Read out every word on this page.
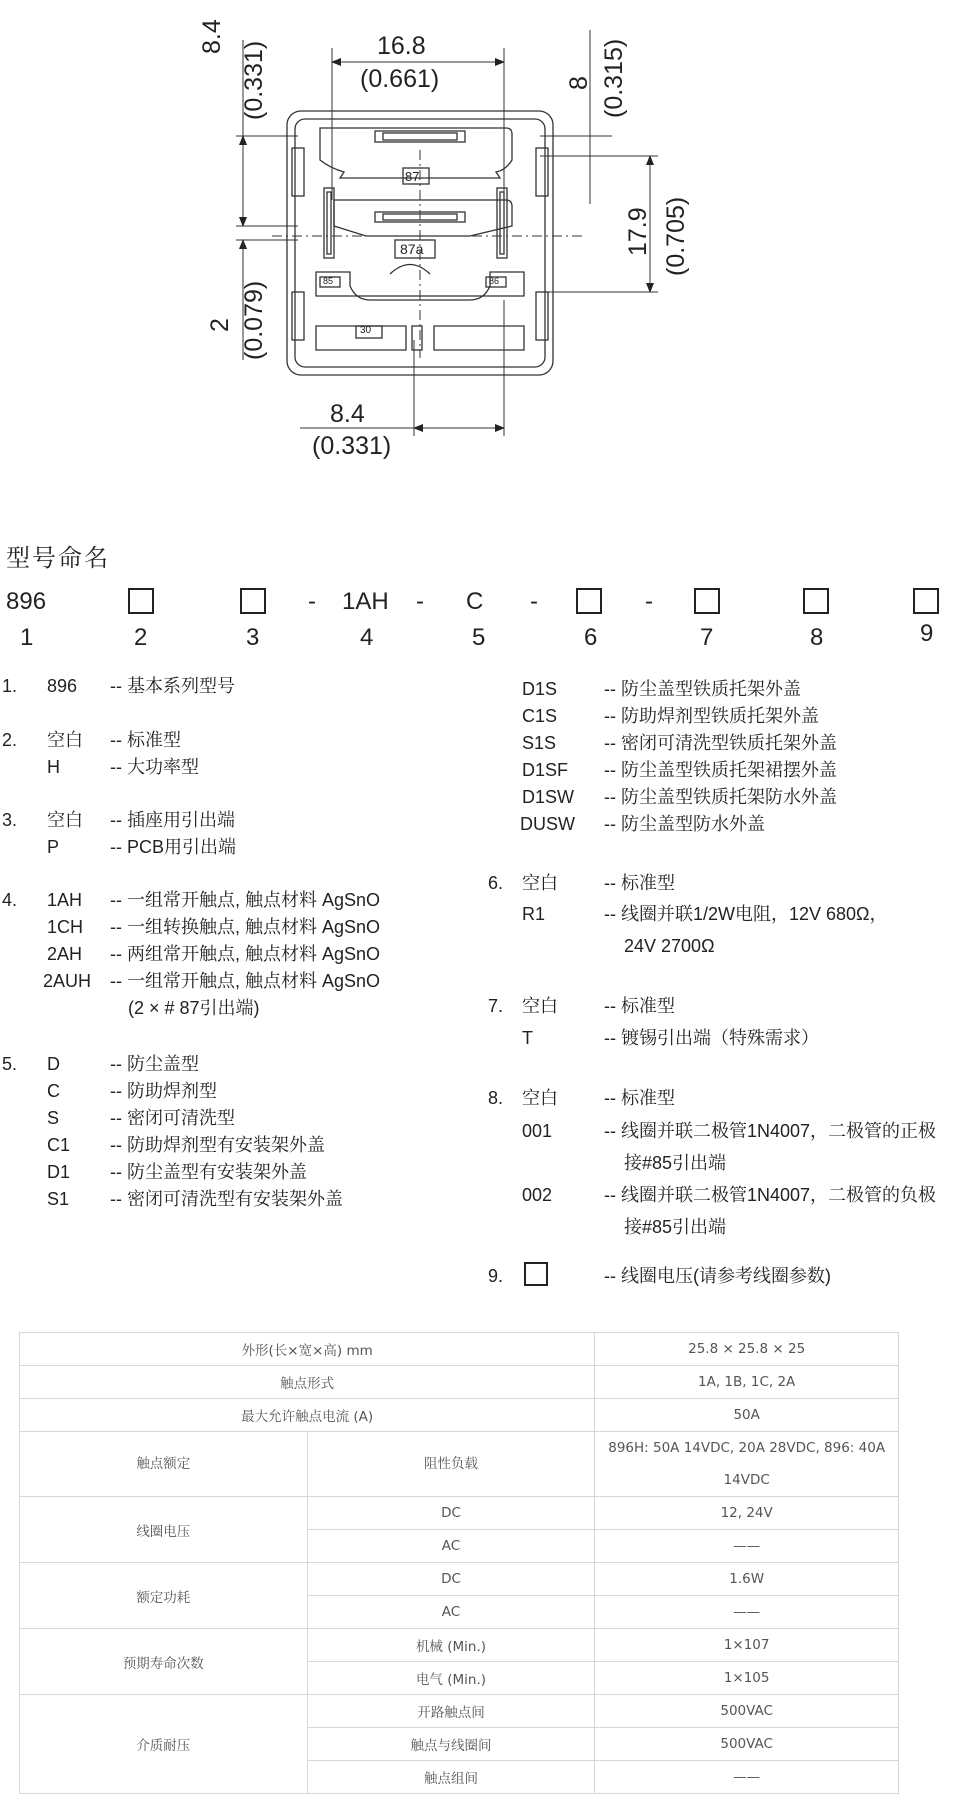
16.8
(0.661)
8.4
(0.331)	8 (0.315)
17.9 (0.705)
2 (0.079)
8.4
(0.331)
87
87a
30
85	86
型号命名
896	- 1AH - C -	-
1	2	3	4	5	6	7	8	9
1. 896 -- 基本系列型号
2. 空白 -- 标准型
H	-- 大功率型
3. 空白 -- 插座用引出端
P	-- PCB用引出端
4. 1AH -- 一组常开触点, 触点材料 AgSnO
1CH -- 一组转换触点, 触点材料 AgSnO
2AH -- 两组常开触点, 触点材料 AgSnO
2AUH -- 一组常开触点, 触点材料 AgSnO
(2 × # 87引出端)
5. D	-- 防尘盖型
C	-- 防助焊剂型
S	-- 密闭可清洗型
C1 -- 防助焊剂型有安装架外盖
D1 -- 防尘盖型有安装架外盖
S1 -- 密闭可清洗型有安装架外盖
D1S	-- 防尘盖型铁质托架外盖
C1S	-- 防助焊剂型铁质托架外盖
S1S	-- 密闭可清洗型铁质托架外盖
D1SF -- 防尘盖型铁质托架裙摆外盖
D1SW -- 防尘盖型铁质托架防水外盖
DUSW -- 防尘盖型防水外盖
6. 空白	-- 标准型
R1	-- 线圈并联1/2W电阻，12V 680Ω，
24V 2700Ω
7. 空白	-- 标准型
T	-- 镀锡引出端（特殊需求）
8. 空白	-- 标准型
001	-- 线圈并联二极管1N4007，二极管的正极
接#85引出端
002	-- 线圈并联二极管1N4007，二极管的负极
接#85引出端
9.	-- 线圈电压(请参考线圈参数)
外形(长×宽×高) mm		25.8 × 25.8 × 25
触点形式		1A, 1B, 1C, 2A
最大允许触点电流 (A)		50A
触点额定	阻性负载	896H: 50A 14VDC, 20A 28VDC, 896: 40A 14VDC
线圈电压	DC	12, 24V
	AC	——
额定功耗	DC	1.6W
	AC	——
预期寿命次数	机械 (Min.)	1×107
	电气 (Min.)	1×105
介质耐压	开路触点间	500VAC
	触点与线圈间	500VAC
	触点组间	——
